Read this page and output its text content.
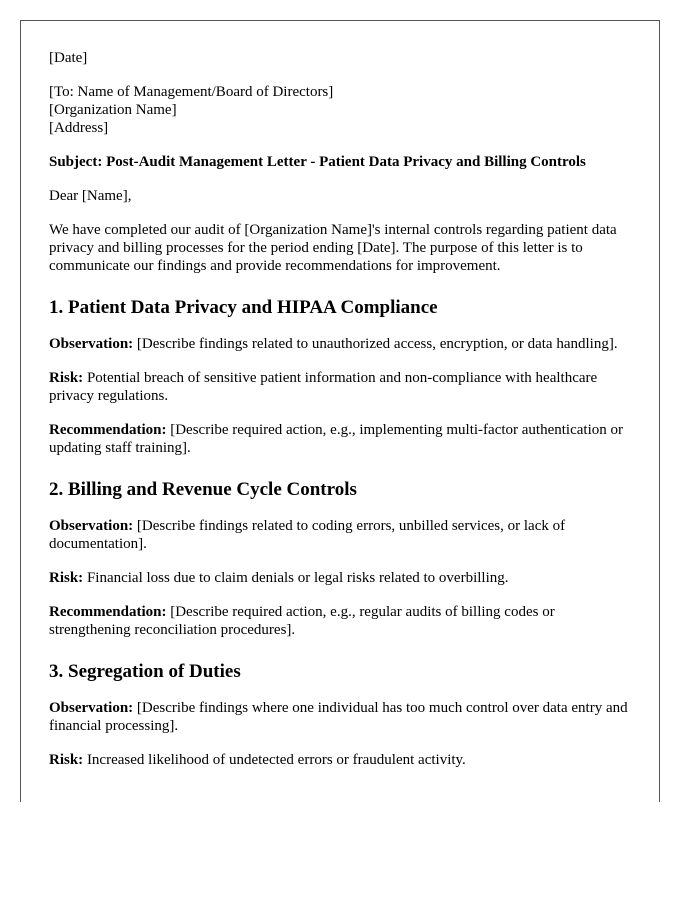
[Date]

[To: Name of Management/Board of Directors]

[Organization Name]

[Address]

Subject: Post-Audit Management Letter - Patient Data Privacy and Billing Controls

Dear [Name],

We have completed our audit of [Organization Name]'s internal controls regarding patient data privacy and billing processes for the period ending [Date]. The purpose of this letter is to communicate our findings and provide recommendations for improvement.

1. Patient Data Privacy and HIPAA Compliance

Observation: [Describe findings related to unauthorized access, encryption, or data handling].

Risk: Potential breach of sensitive patient information and non-compliance with healthcare privacy regulations.

Recommendation: [Describe required action, e.g., implementing multi-factor authentication or updating staff training].

2. Billing and Revenue Cycle Controls

Observation: [Describe findings related to coding errors, unbilled services, or lack of documentation].

Risk: Financial loss due to claim denials or legal risks related to overbilling.

Recommendation: [Describe required action, e.g., regular audits of billing codes or strengthening reconciliation procedures].

3. Segregation of Duties

Observation: [Describe findings where one individual has too much control over data entry and financial processing].

Risk: Increased likelihood of undetected errors or fraudulent activity.
